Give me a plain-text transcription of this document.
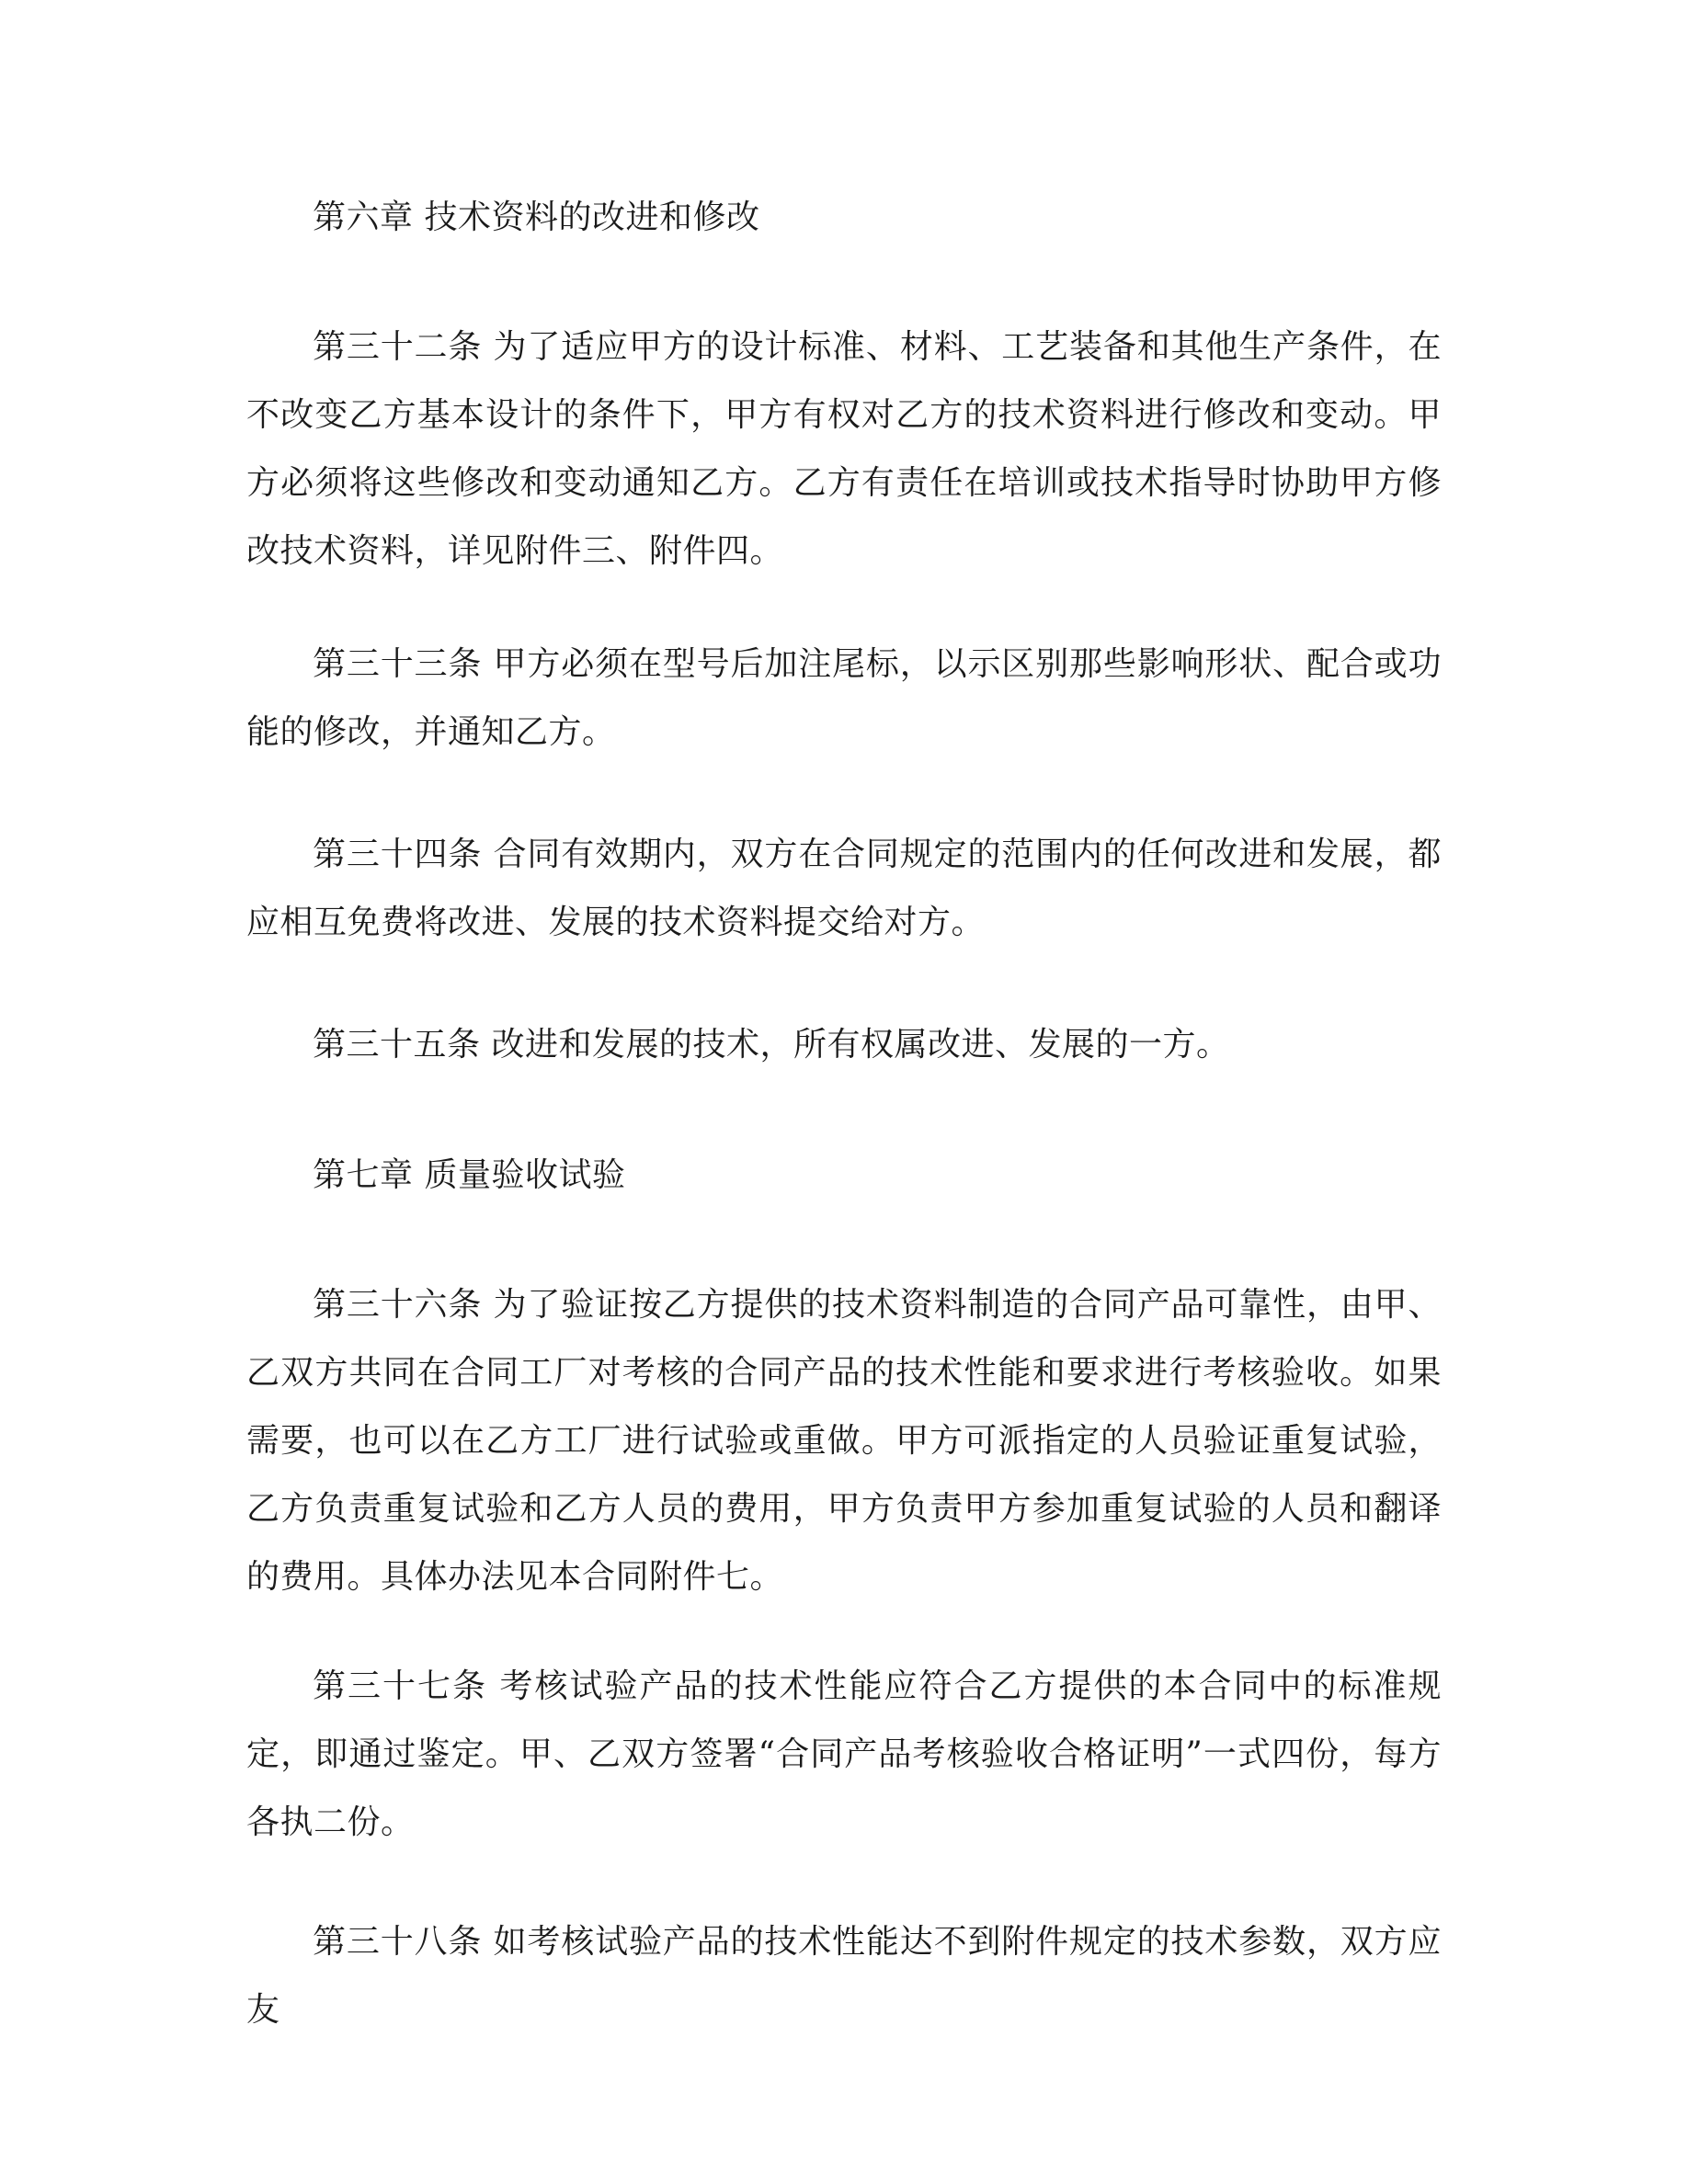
第六章 技术资料的改进和修改

第三十二条 为了适应甲方的设计标准、材料、工艺装备和其他生产条件，在不改变乙方基本设计的条件下，甲方有权对乙方的技术资料进行修改和变动。甲方必须将这些修改和变动通知乙方。乙方有责任在培训或技术指导时协助甲方修改技术资料，详见附件三、附件四。

第三十三条 甲方必须在型号后加注尾标，以示区别那些影响形状、配合或功能的修改，并通知乙方。

第三十四条 合同有效期内，双方在合同规定的范围内的任何改进和发展，都应相互免费将改进、发展的技术资料提交给对方。

第三十五条 改进和发展的技术，所有权属改进、发展的一方。

第七章 质量验收试验

第三十六条 为了验证按乙方提供的技术资料制造的合同产品可靠性，由甲、乙双方共同在合同工厂对考核的合同产品的技术性能和要求进行考核验收。如果需要，也可以在乙方工厂进行试验或重做。甲方可派指定的人员验证重复试验，乙方负责重复试验和乙方人员的费用，甲方负责甲方参加重复试验的人员和翻译的费用。具体办法见本合同附件七。

第三十七条 考核试验产品的技术性能应符合乙方提供的本合同中的标准规定，即通过鉴定。甲、乙双方签署“合同产品考核验收合格证明”一式四份，每方各执二份。

第三十八条 如考核试验产品的技术性能达不到附件规定的技术参数，双方应友
